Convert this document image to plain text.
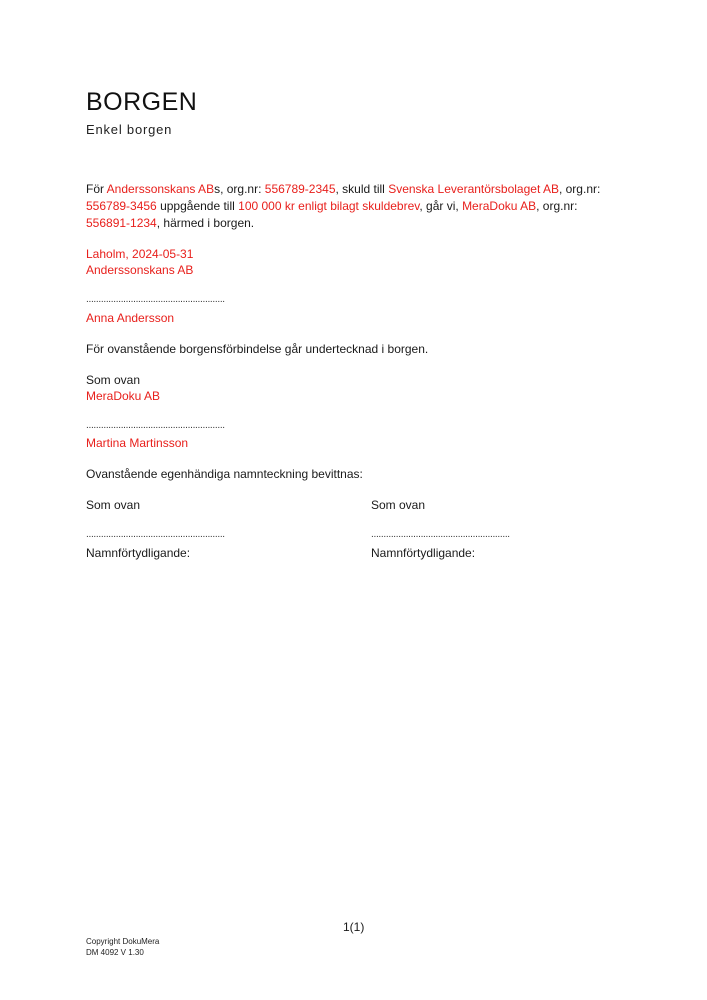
BORGEN
Enkel borgen
För Anderssonskans ABs, org.nr: 556789-2345, skuld till Svenska Leverantörsbolaget AB, org.nr:
556789-3456 uppgående till 100 000 kr enligt bilagt skuldebrev, går vi, MeraDoku AB, org.nr:
556891-1234, härmed i borgen.
Laholm, 2024-05-31
Anderssonskans AB
........................................................
Anna Andersson
För ovanstående borgensförbindelse går undertecknad i borgen.
Som ovan
MeraDoku AB
........................................................
Martina Martinsson
Ovanstående egenhändiga namnteckning bevittnas:
Som ovan	Som ovan
........................................................	........................................................
Namnförtydligande:	Namnförtydligande:
1(1)
Copyright DokuMera
DM 4092 V 1.30
